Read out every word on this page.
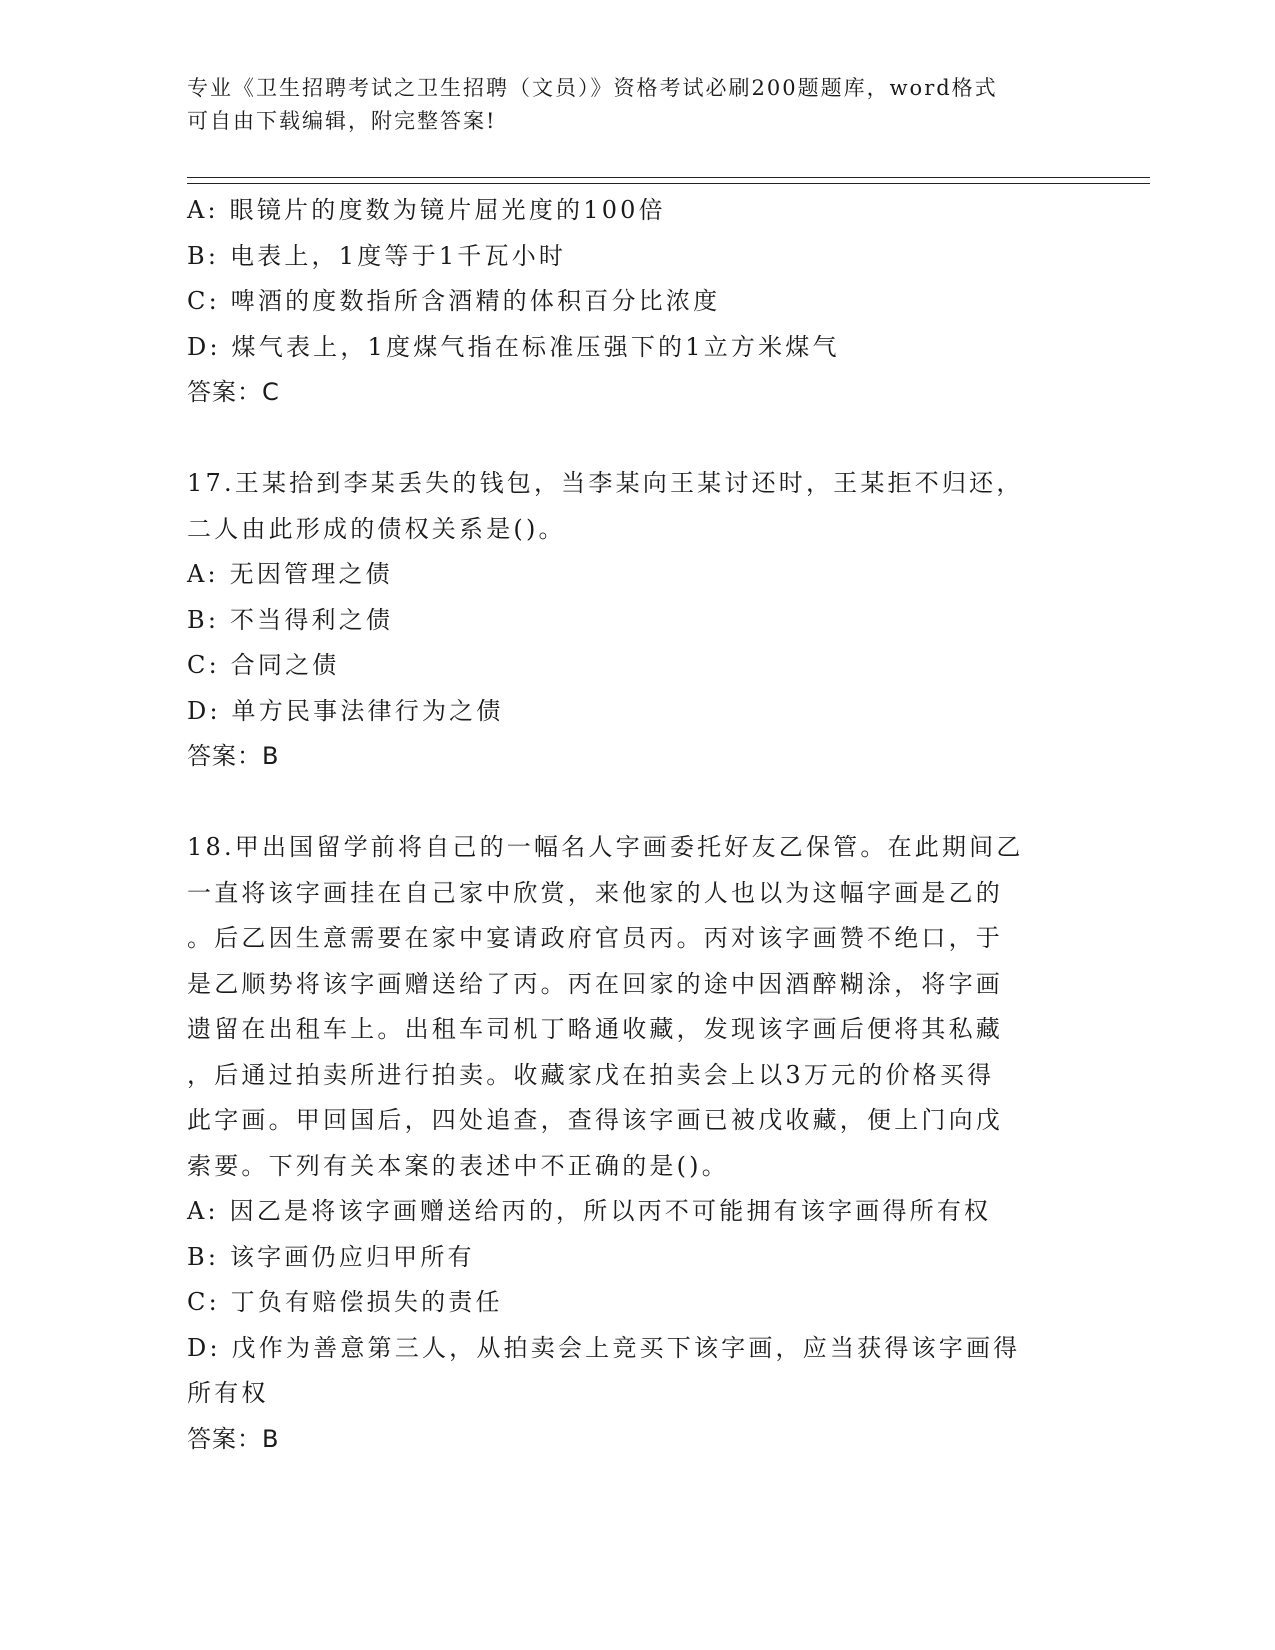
专业《卫生招聘考试之卫生招聘（文员）》资格考试必刷200题题库，word格式
可自由下载编辑，附完整答案!
A: 眼镜片的度数为镜片屈光度的100倍
B: 电表上，1度等于1千瓦小时
C: 啤酒的度数指所含酒精的体积百分比浓度
D: 煤气表上，1度煤气指在标准压强下的1立方米煤气
答案：C
17.王某拾到李某丢失的钱包，当李某向王某讨还时，王某拒不归还，
二人由此形成的债权关系是()。
A: 无因管理之债
B: 不当得利之债
C: 合同之债
D: 单方民事法律行为之债
答案：B
18.甲出国留学前将自己的一幅名人字画委托好友乙保管。在此期间乙
一直将该字画挂在自己家中欣赏，来他家的人也以为这幅字画是乙的
。后乙因生意需要在家中宴请政府官员丙。丙对该字画赞不绝口，于
是乙顺势将该字画赠送给了丙。丙在回家的途中因酒醉糊涂，将字画
遗留在出租车上。出租车司机丁略通收藏，发现该字画后便将其私藏
，后通过拍卖所进行拍卖。收藏家戊在拍卖会上以3万元的价格买得
此字画。甲回国后，四处追查，查得该字画已被戊收藏，便上门向戊
索要。下列有关本案的表述中不正确的是()。
A: 因乙是将该字画赠送给丙的，所以丙不可能拥有该字画得所有权
B: 该字画仍应归甲所有
C: 丁负有赔偿损失的责任
D: 戊作为善意第三人，从拍卖会上竞买下该字画，应当获得该字画得
所有权
答案：B
